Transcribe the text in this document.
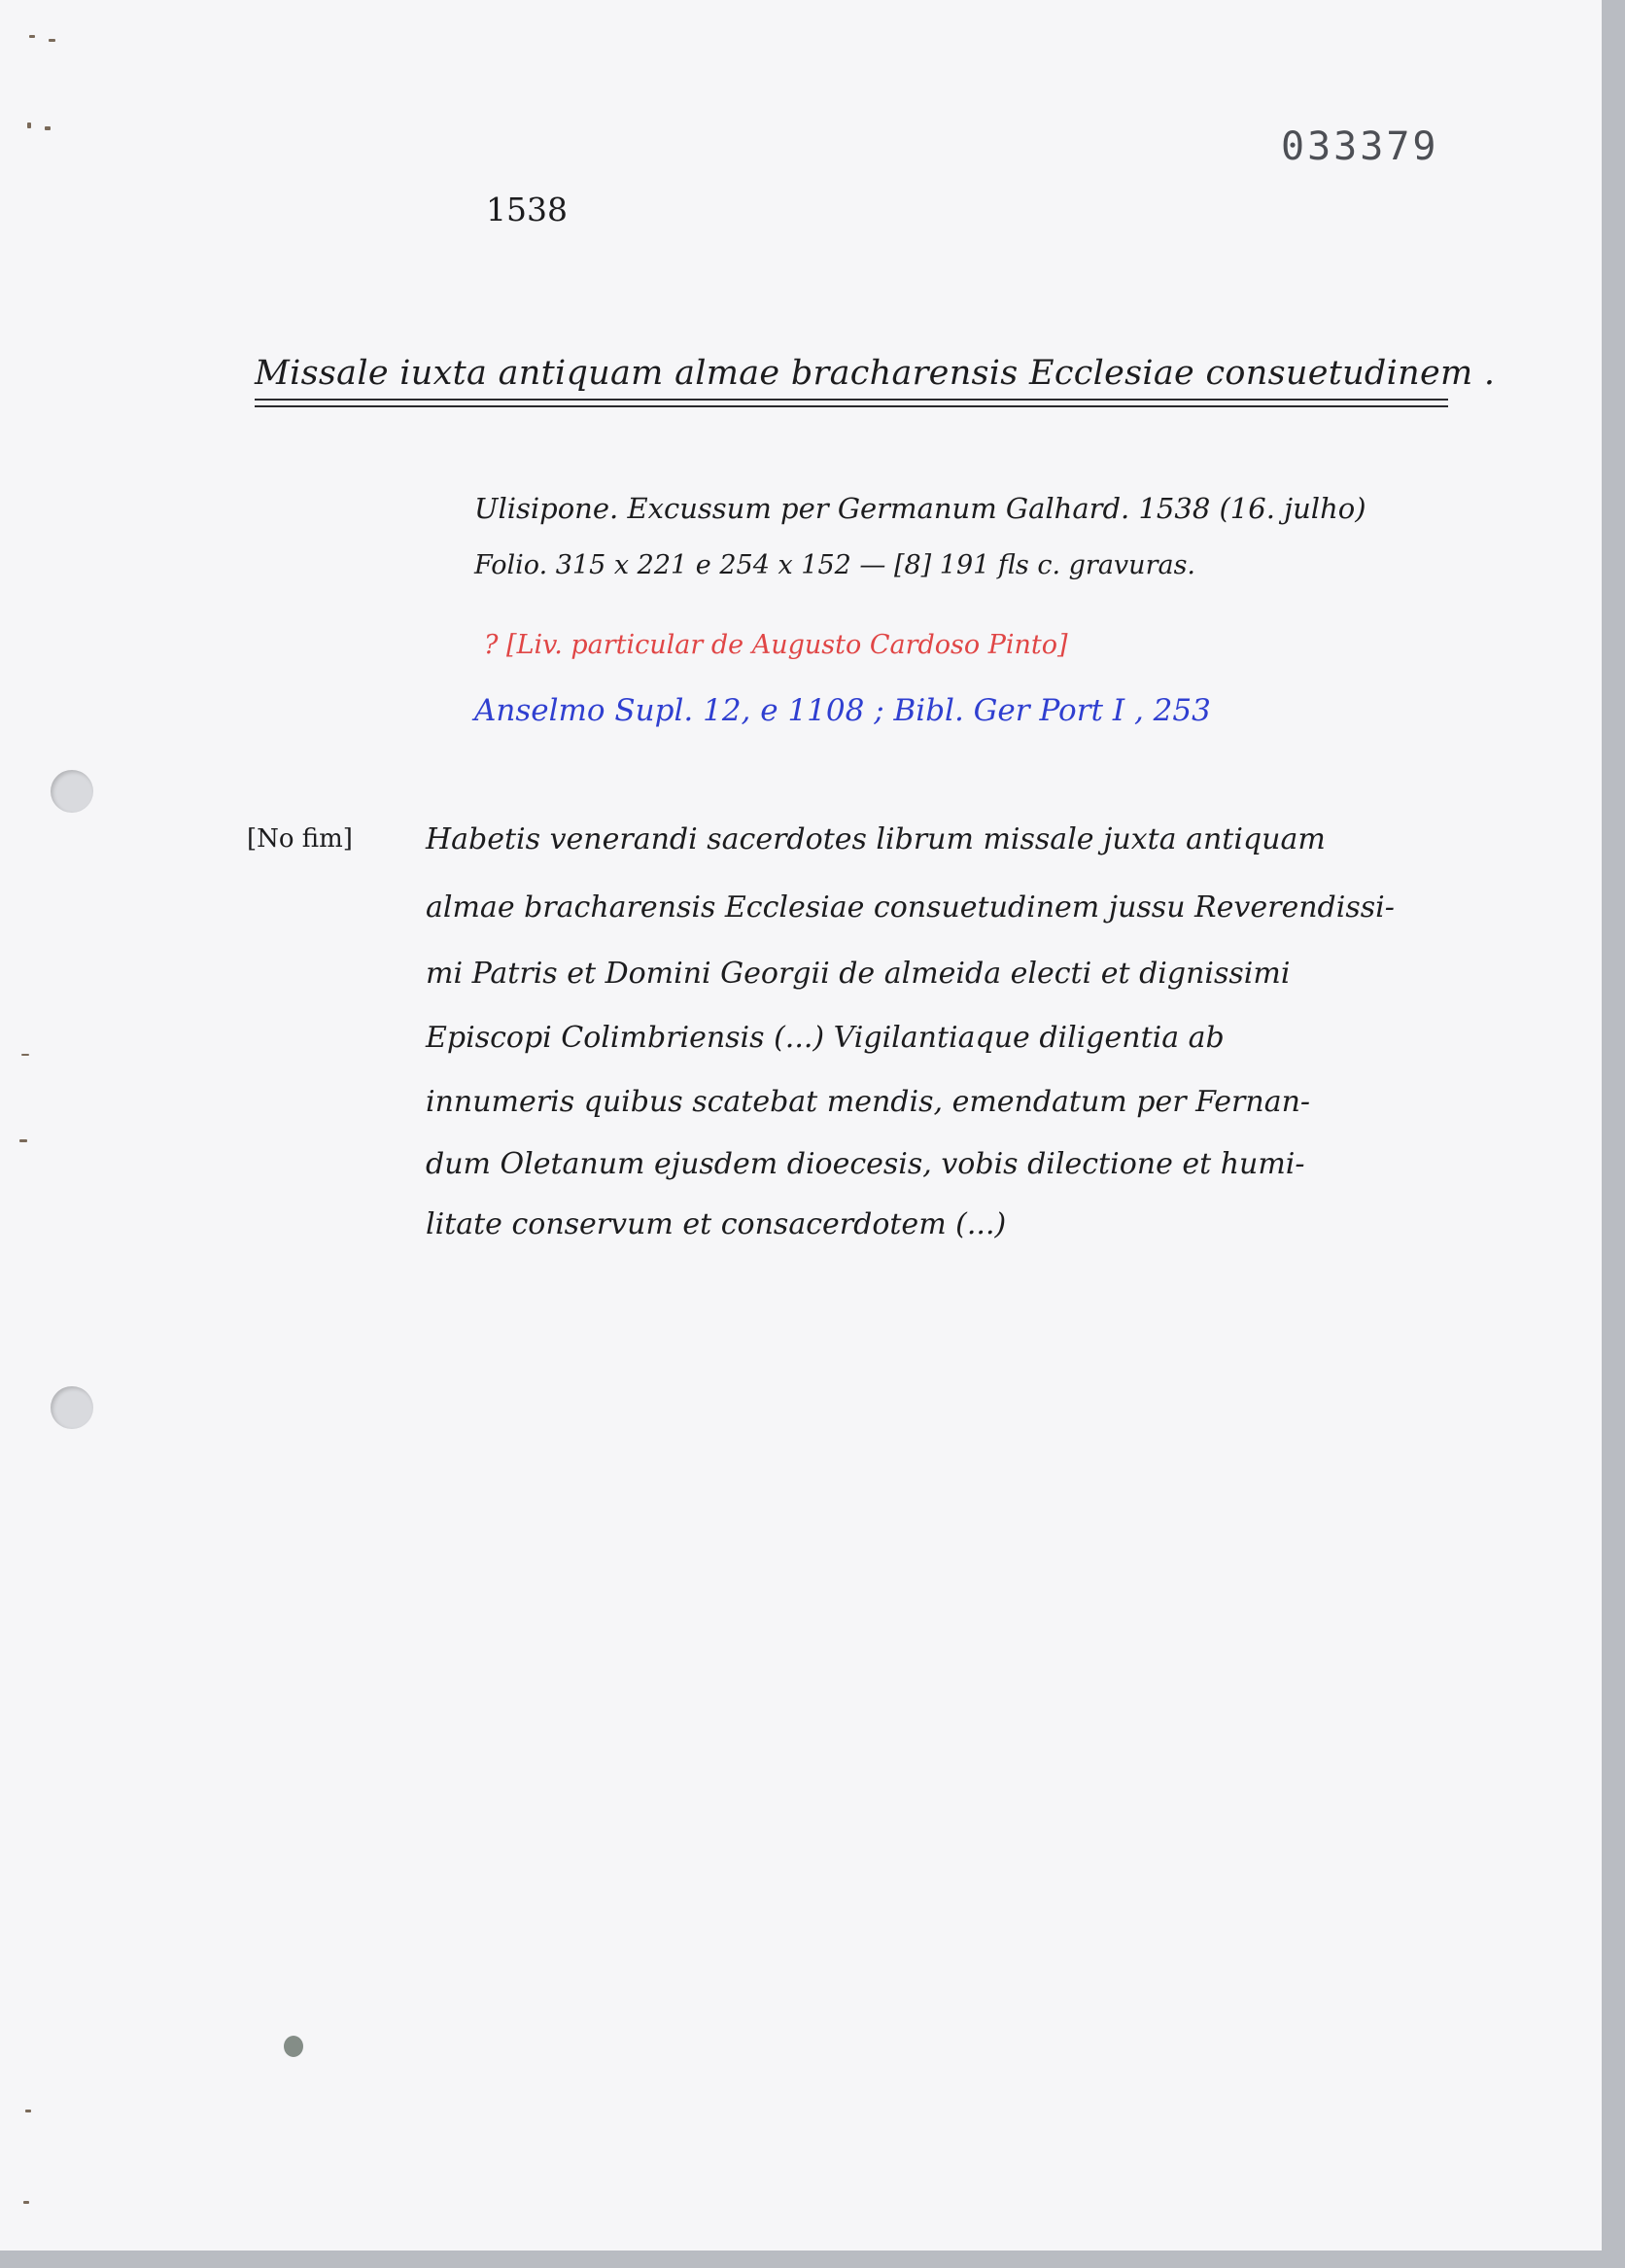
033379
1538
Missale iuxta antiquam almae bracharensis Ecclesiae consuetudinem .
Ulisipone. Excussum per Germanum Galhard. 1538 (16. julho)
Folio. 315 x 221 e 254 x 152 — [8] 191 fls c. gravuras.
? [Liv. particular de Augusto Cardoso Pinto]
Anselmo Supl. 12, e 1108 ; Bibl. Ger Port I , 253
[No fim]	Habetis venerandi sacerdotes librum missale juxta antiquam
almae bracharensis Ecclesiae consuetudinem jussu Reverendissi-
mi Patris et Domini Georgii de almeida electi et dignissimi
Episcopi Colimbriensis (...) Vigilantiaque diligentia ab
innumeris quibus scatebat mendis, emendatum per Fernan-
dum Oletanum ejusdem dioecesis, vobis dilectione et humi-
litate conservum et consacerdotem (...)
